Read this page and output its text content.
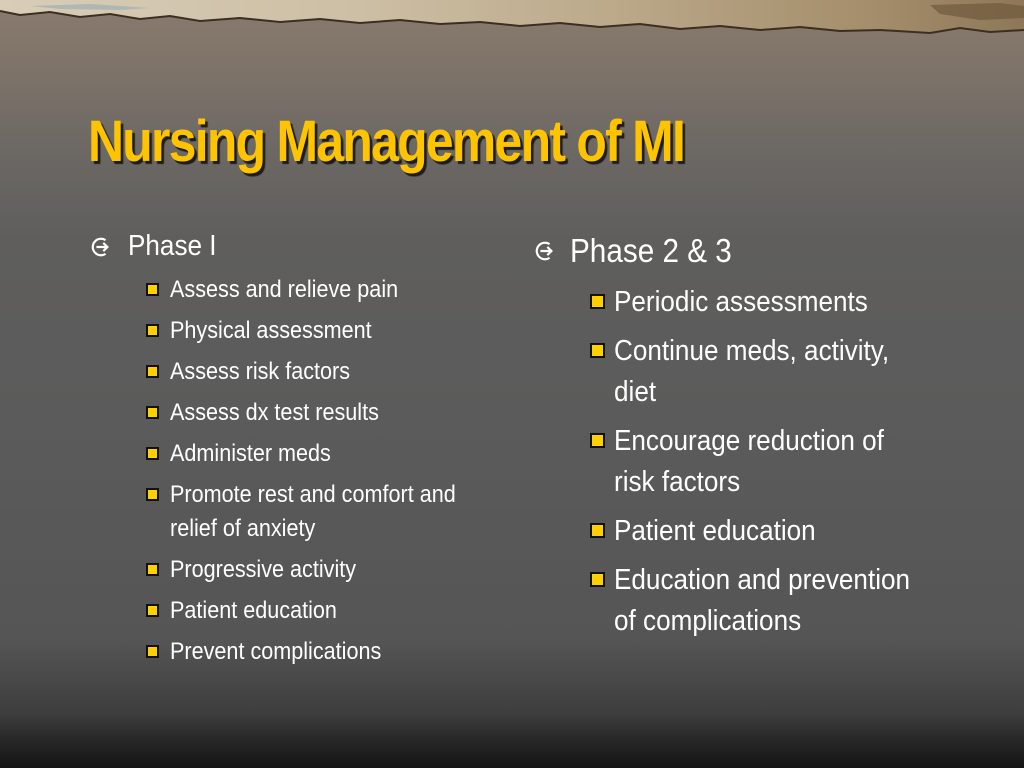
Nursing Management of MI
Phase I
Assess and relieve pain
Physical assessment
Assess risk factors
Assess dx test results
Administer meds
Promote rest and comfort and relief of anxiety
Progressive activity
Patient education
Prevent complications
Phase 2 & 3
Periodic assessments
Continue meds, activity, diet
Encourage reduction of risk factors
Patient education
Education and prevention of complications
